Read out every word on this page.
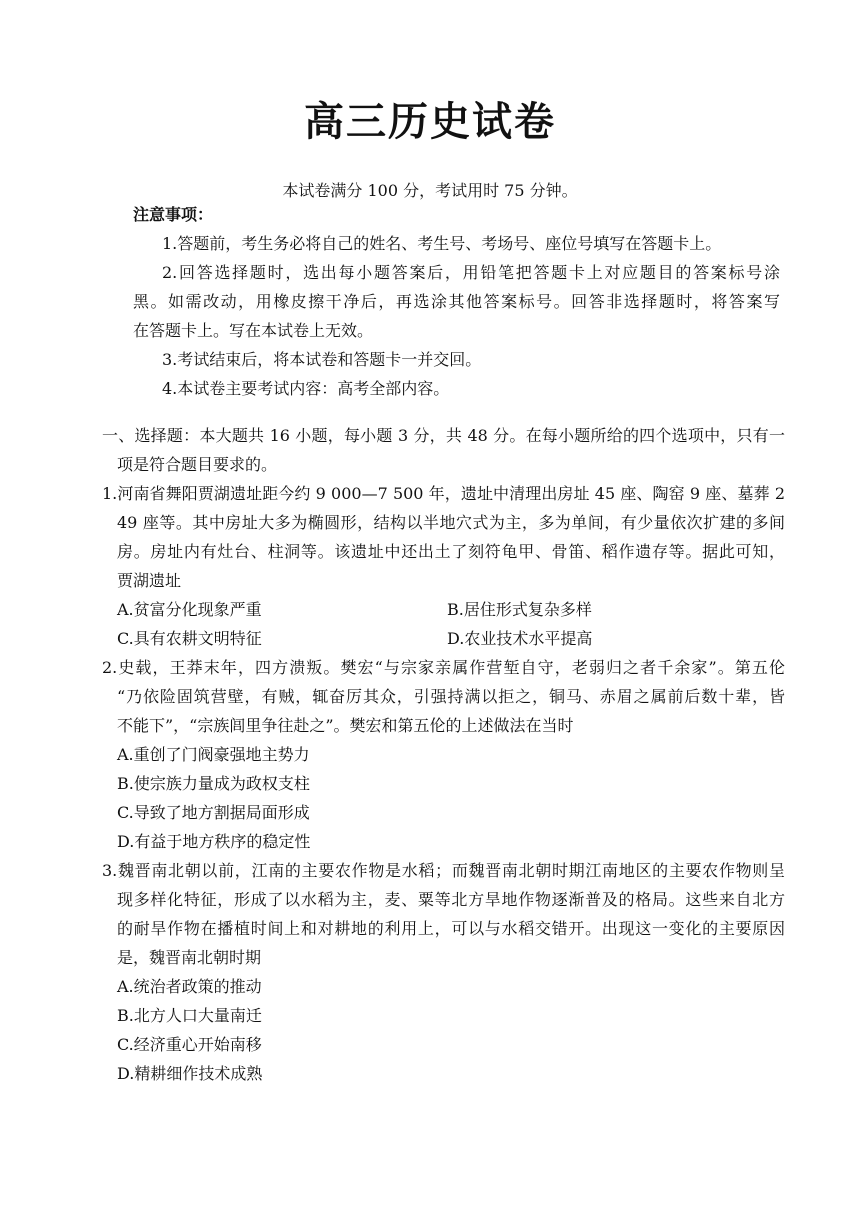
高三历史试卷
本试卷满分 100 分，考试用时 75 分钟。
注意事项：
1.答题前，考生务必将自己的姓名、考生号、考场号、座位号填写在答题卡上。
2.回答选择题时，选出每小题答案后，用铅笔把答题卡上对应题目的答案标号涂
黑。如需改动，用橡皮擦干净后，再选涂其他答案标号。回答非选择题时，将答案写
在答题卡上。写在本试卷上无效。
3.考试结束后，将本试卷和答题卡一并交回。
4.本试卷主要考试内容：高考全部内容。
一、选择题：本大题共 16 小题，每小题 3 分，共 48 分。在每小题所给的四个选项中，只有一
项是符合题目要求的。
1.河南省舞阳贾湖遗址距今约 9 000—7 500 年，遗址中清理出房址 45 座、陶窑 9 座、墓葬 2
49 座等。其中房址大多为椭圆形，结构以半地穴式为主，多为单间，有少量依次扩建的多间
房。房址内有灶台、柱洞等。该遗址中还出土了刻符龟甲、骨笛、稻作遗存等。据此可知，
贾湖遗址
A.贫富分化现象严重	B.居住形式复杂多样
C.具有农耕文明特征	D.农业技术水平提高
2.史载，王莽末年，四方溃叛。樊宏“与宗家亲属作营堑自守，老弱归之者千余家”。第五伦
“乃依险固筑营壁，有贼，辄奋厉其众，引强持满以拒之，铜马、赤眉之属前后数十辈，皆
不能下”，“宗族闾里争往赴之”。樊宏和第五伦的上述做法在当时
A.重创了门阀豪强地主势力
B.使宗族力量成为政权支柱
C.导致了地方割据局面形成
D.有益于地方秩序的稳定性
3.魏晋南北朝以前，江南的主要农作物是水稻；而魏晋南北朝时期江南地区的主要农作物则呈
现多样化特征，形成了以水稻为主，麦、粟等北方旱地作物逐渐普及的格局。这些来自北方
的耐旱作物在播植时间上和对耕地的利用上，可以与水稻交错开。出现这一变化的主要原因
是，魏晋南北朝时期
A.统治者政策的推动
B.北方人口大量南迁
C.经济重心开始南移
D.精耕细作技术成熟
